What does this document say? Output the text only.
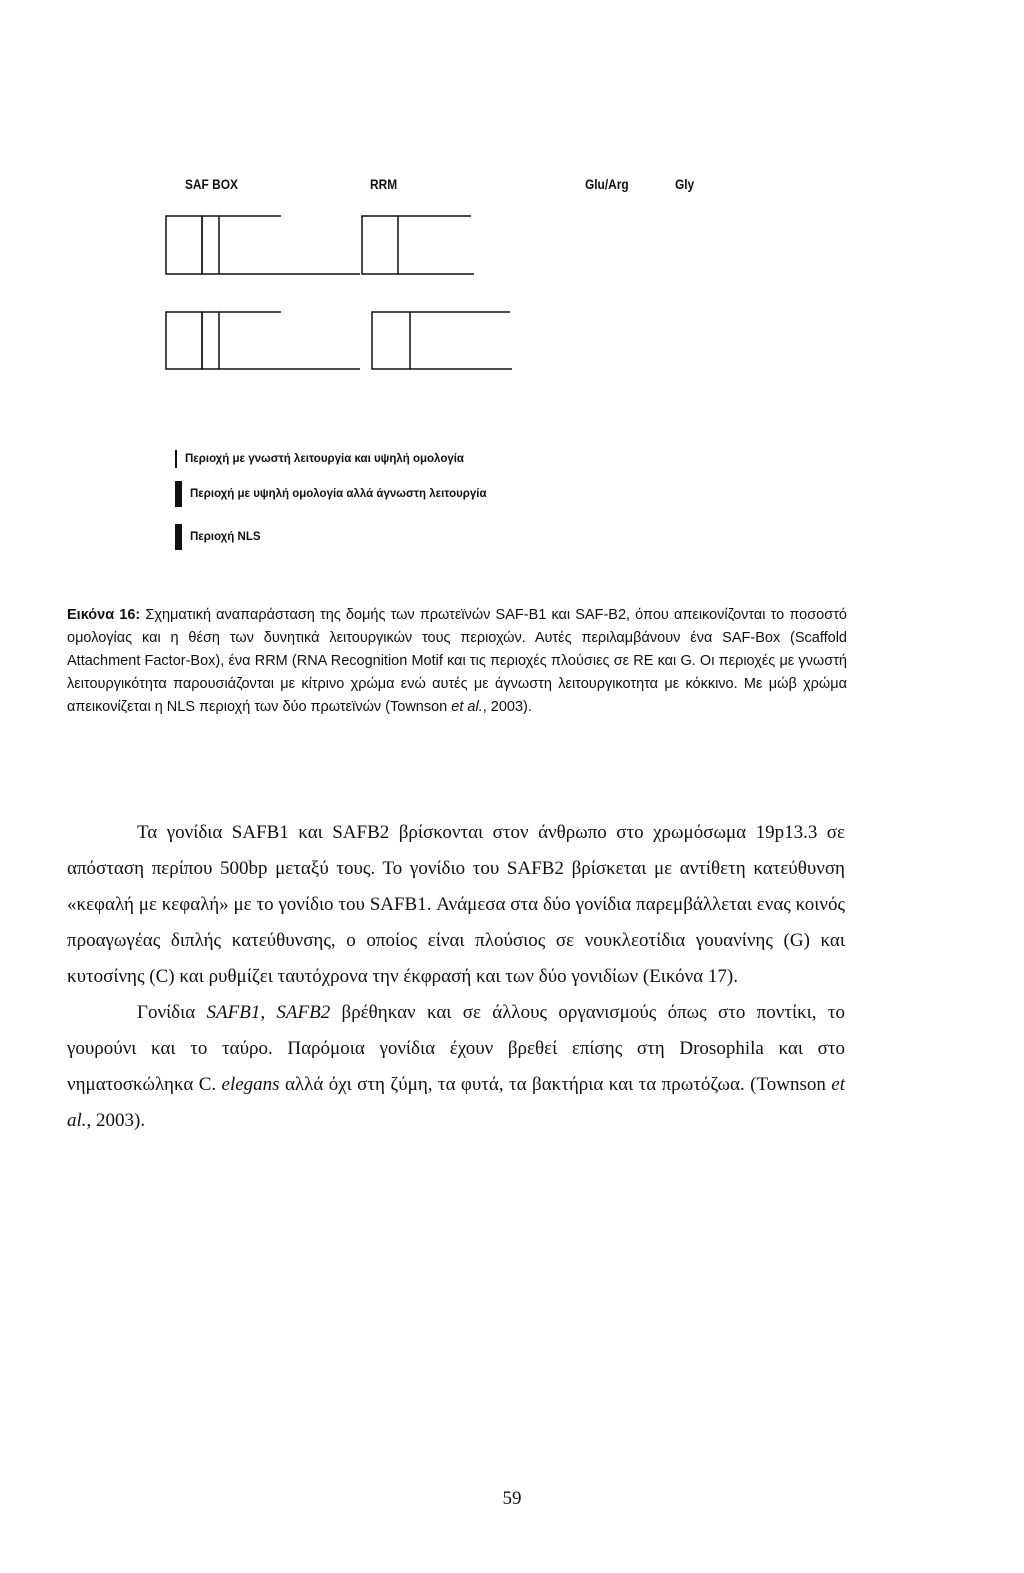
SAF BOX	RRM	Glu/Arg	Gly
Περιοχή με γνωστή λειτουργία και υψηλή ομολογία
Περιοχή με υψηλή ομολογία αλλά άγνωστη λειτουργία
Περιοχή NLS
Εικόνα 16: Σχηματική αναπαράσταση της δομής των πρωτεϊνών SAF-B1 και SAF-B2, όπου απεικονίζονται το ποσοστό ομολογίας και η θέση των δυνητικά λειτουργικών τους περιοχών. Αυτές περιλαμβάνουν ένα SAF-Box (Scaffold Attachment Factor-Box), ένα RRM (RNA Recognition Motif και τις περιοχές πλούσιες σε RE και G. Οι περιοχές με γνωστή λειτουργικότητα παρουσιάζονται με κίτρινο χρώμα ενώ αυτές με άγνωστη λειτουργικοτητα με κόκκινο. Με μώβ χρώμα απεικονίζεται η NLS περιοχή των δύο πρωτεϊνών (Townson et al., 2003).

Τα γονίδια SAFB1 και SAFB2 βρίσκονται στον άνθρωπο στο χρωμόσωμα 19p13.3 σε απόσταση περίπου 500bp μεταξύ τους. Το γονίδιο του SAFB2 βρίσκεται με αντίθετη κατεύθυνση «κεφαλή με κεφαλή» με το γονίδιο του SAFB1. Ανάμεσα στα δύο γονίδια παρεμβάλλεται ενας κοινός προαγωγέας διπλής κατεύθυνσης, ο οποίος είναι πλούσιος σε νουκλεοτίδια γουανίνης (G) και κυτοσίνης (C) και ρυθμίζει ταυτόχρονα την έκφρασή και των δύο γονιδίων (Εικόνα 17).

Γονίδια SAFB1, SAFB2 βρέθηκαν και σε άλλους οργανισμούς όπως στο ποντίκι, το γουρούνι και το ταύρο. Παρόμοια γονίδια έχουν βρεθεί επίσης στη Drosophila και στο νηματοσκώληκα C. elegans αλλά όχι στη ζύμη, τα φυτά, τα βακτήρια και τα πρωτόζωα. (Townson et al., 2003).

59
